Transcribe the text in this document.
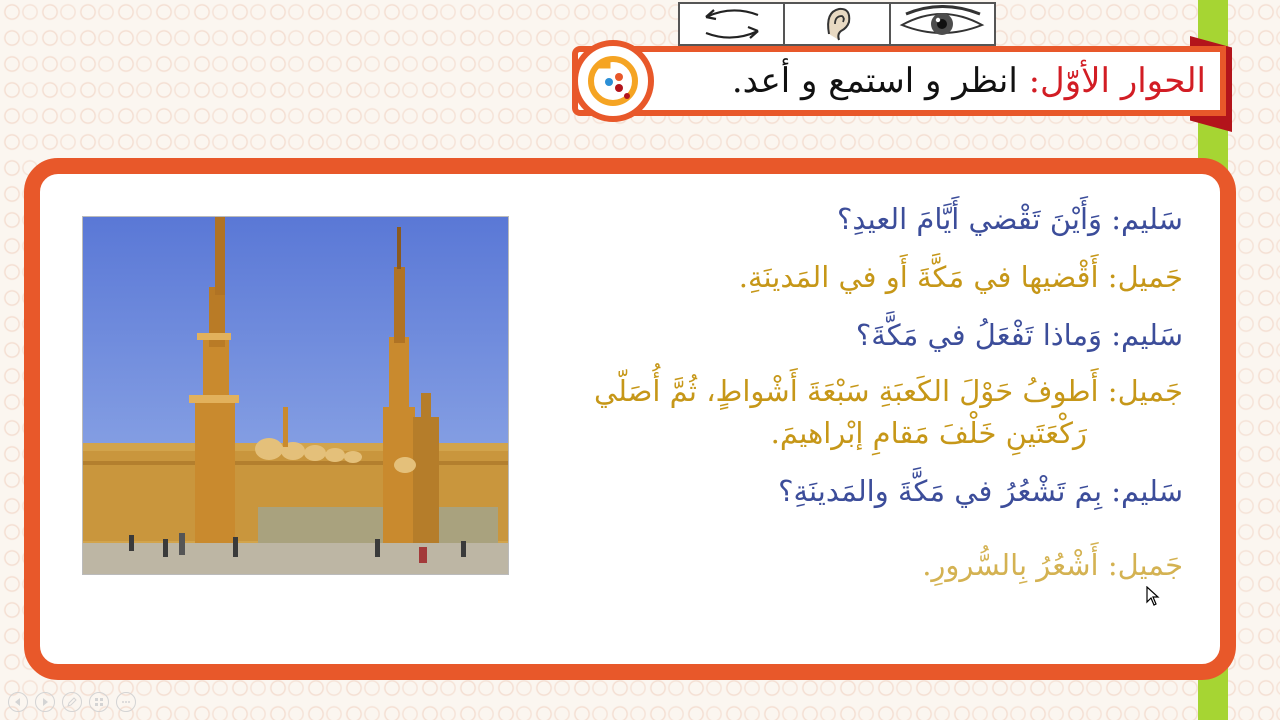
الحوار الأوّل: انظر و استمع و أعد.
سَليم: وَأَيْنَ تَقْضي أَيَّامَ العيدِ؟
جَميل: أَقْضيها في مَكَّةَ أَو في المَدينَةِ.
سَليم: وَماذا تَفْعَلُ في مَكَّةَ؟
جَميل: أَطوفُ حَوْلَ الكَعبَةِ سَبْعَةَ أَشْواطٍ، ثُمَّ أُصَلّي
رَكْعَتَينِ خَلْفَ مَقامِ إبْراهيمَ.
سَليم: بِمَ تَشْعُرُ في مَكَّةَ والمَدينَةِ؟
جَميل: أَشْعُرُ بِالسُّرورِ.
